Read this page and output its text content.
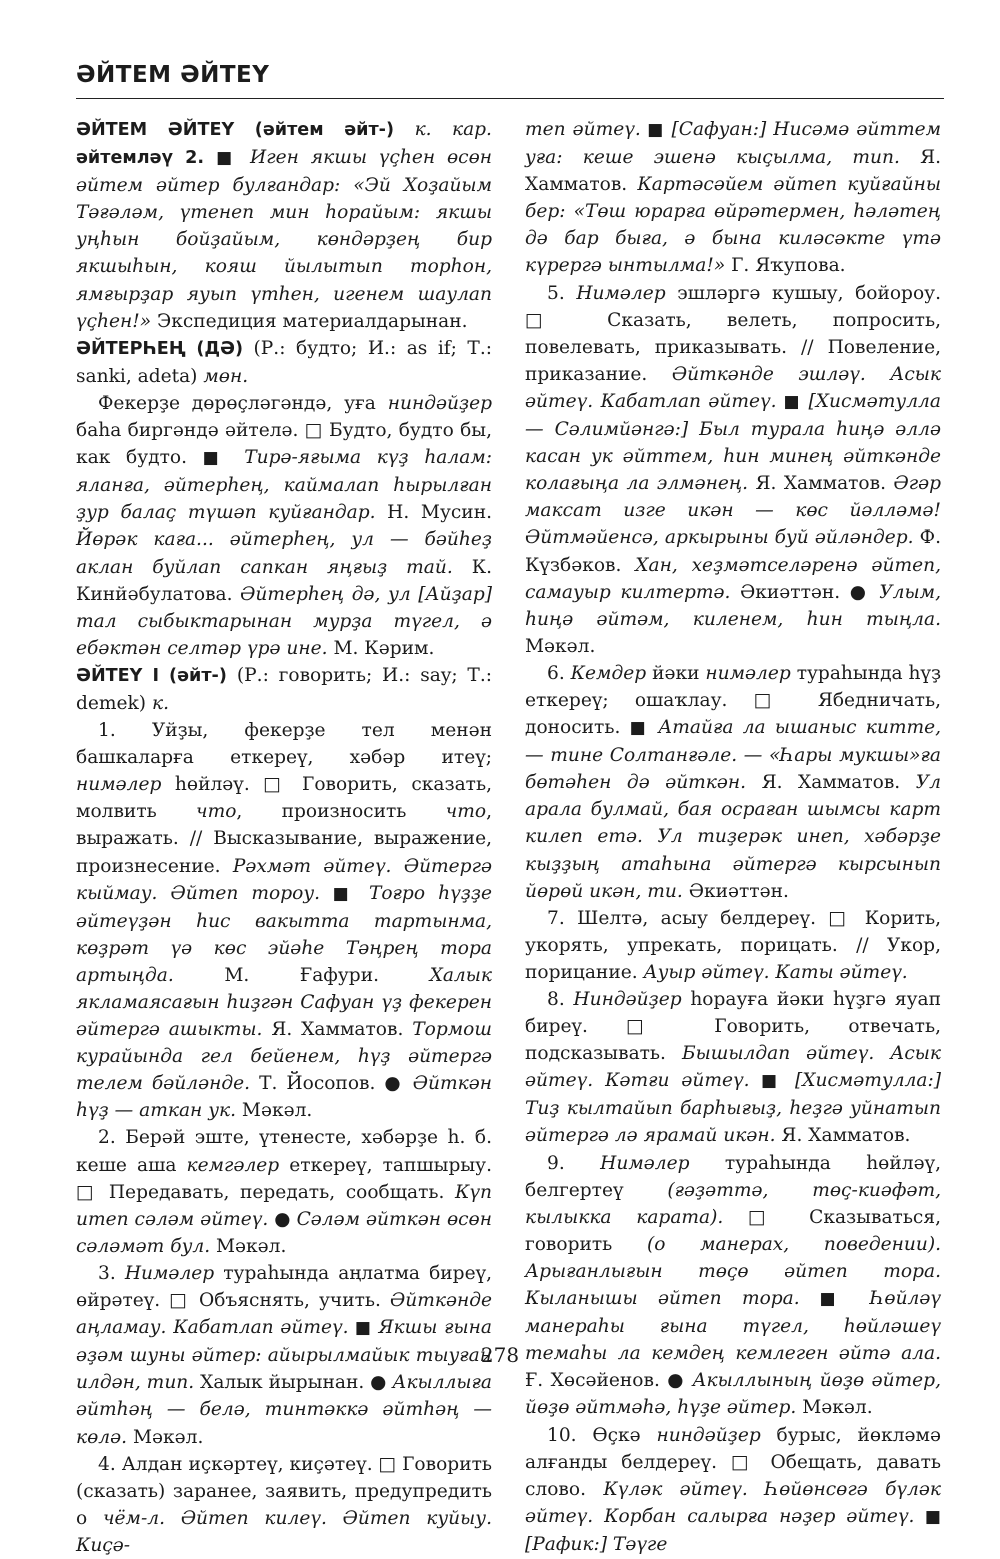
ӘЙТЕМ ӘЙТЕҮ

ӘЙТЕМ ӘЙТЕҮ (әйтем әйт-) к. кар. әйтемләү 2. ■ Иген якшы үҫһен өсөн әйтем әйтер булғандар: «Эй Хоҙайым Тәғәләм, үтенеп мин һорайым: якшы уңһын бойҙайым, көндәрҙең бир якшыһын, кояш йылытып торһон, ямғырҙар яуып үтһен, игенем шаулап үҫһен!» Экспедиция материалдарынан.

ӘЙТЕРҺЕҢ (ДӘ) (Р.: будто; И.: as if; Т.: sanki, adeta) мөн.

Фекерҙе дөрөҫләгәндә, уға ниндәйҙер баһа биргәндә әйтелә. □ Будто, будто бы, как будто. ■ Тирә-яғыма күҙ һалам: яланға, әйтерһең, каймалап һырылған ҙур балаҫ түшәп куйғандар. Н. Мусин. Йөрәк каға... әйтерһең, ул — бәйһеҙ аклан буйлап сапкан яңғыҙ тай. К. Кинйәбулатова. Әйтерһең дә, ул [Айҙар] тал сыбыктарынан мурҙа түгел, ә ебәктән селтәр үрә ине. М. Кәрим.

ӘЙТЕҮ I (әйт-) (Р.: говорить; И.: say; Т.: demek) к.

1. Уйҙы, фекерҙе тел менән башкаларға еткереү, хәбәр итеү; нимәлер һөйләү. □ Говорить, сказать, молвить что, произносить что, выражать. // Высказывание, выражение, произнесение. Рәхмәт әйтеү. Әйтергә кыймау. Әйтеп тороу. ■ Тоғро һүҙҙе әйтеүҙән һис вакытта тартынма, көҙрәт үә көс эйәһе Тәңрең тора артыңда. М. Ғафури. Халык якламаясағын һиҙгән Сафуан үҙ фекерен әйтергә ашыкты. Я. Хамматов. Тормош курайында гел бейенем, һүҙ әйтергә телем бәйләнде. Т. Йосопов. ● Әйткән һүҙ — аткан ук. Мәкәл.

2. Берәй эште, үтенесте, хәбәрҙе һ. б. кеше аша кемгәлер еткереү, тапшырыу. □ Передавать, передать, сообщать. Күп итеп сәләм әйтеү. ● Сәләм әйткән өсөн сәләмәт бул. Мәкәл.

3. Нимәлер тураһында аңлатма биреү, өйрәтеү. □ Объяснять, учить. Әйткәнде аңламау. Кабатлап әйтеү. ■ Якшы ғына әҙәм шуны әйтер: айырылмайык тыуған илдән, тип. Халык йырынан. ● Акыллыға әйтһәң — белә, тинтәккә әйтһәң — көлә. Мәкәл.

4. Алдан иҫкәртеү, киҫәтеү. □ Говорить (сказать) заранее, заявить, предупредить о чём-л. Әйтеп килеү. Әйтеп куйыу. Киҫә-

теп әйтеү. ■ [Сафуан:] Нисәмә әйттем уға: кеше эшенә кыҫылма, тип. Я. Хамматов. Картәсәйем әйтеп куйғайны бер: «Төш юрарға өйрәтермен, һәләтең дә бар быға, ә бына киләсәкте үтә күрергә ынтылма!» Г. Яҡупова.

5. Нимәлер эшләргә кушыу, бойороу. □ Сказать, велеть, попросить, повелевать, приказывать. // Повеление, приказание. Әйткәнде эшләү. Асык әйтеү. Кабатлап әйтеү. ■ [Хисмәтулла — Сәлимйәнгә:] Был турала һиңә әллә касан ук әйттем, һин минең әйткәнде колағыңа ла элмәнең. Я. Хамматов. Әгәр максат изге икән — көс йәлләмә! Әйтмәйенсә, аркырыны буй әйләндер. Ф. Күзбәков. Хан, хеҙмәтселәренә әйтеп, самауыр килтертә. Әкиәттән. ● Улым, һиңә әйтәм, киленем, һин тыңла. Мәкәл.

6. Кемдер йәки нимәлер тураһында һүҙ еткереү; ошаҡлау. □ Ябедничать, доносить. ■ Атайға ла ышаныс китте, — тине Солтанғәле. — «Һары мукшы»ға бөтәһен дә әйткән. Я. Хамматов. Ул арала булмай, бая осраған шымсы карт килеп етә. Ул тиҙерәк инеп, хәбәрҙе кыҙҙың атаһына әйтергә кырсынып йөрөй икән, ти. Әкиәттән.

7. Шелтә, асыу белдереү. □ Корить, укорять, упрекать, порицать. // Укор, порицание. Ауыр әйтеү. Каты әйтеү.

8. Ниндәйҙер һорауға йәки һүҙгә яуап биреү. □ Говорить, отвечать, подсказывать. Бышылдап әйтеү. Асык әйтеү. Кәтғи әйтеү. ■ [Хисмәтулла:] Тиҙ кылтайып барһығыҙ, һеҙгә уйнатып әйтергә лә ярамай икән. Я. Хамматов.

9. Нимәлер тураһында һөйләү, белгертеү (ғәҙәттә, төҫ-киәфәт, кылыкка карата). □ Сказываться, говорить (о манерах, поведении). Арығанлығын төҫө әйтеп тора. Кыланышы әйтеп тора. ■ Һөйләү манераһы ғына түгел, һөйләшеү темаһы ла кемдең кемлеген әйтә ала. Ғ. Хөсәйенов. ● Акыллының йөҙө әйтер, йөҙө әйтмәһә, һүҙе әйтер. Мәкәл.

10. Өҫкә ниндәйҙер бурыс, йөкләмә алғанды белдереү. □ Обещать, давать слово. Күләк әйтеү. Һөйөнсөгә бүләк әйтеү. Корбан салырға нәҙер әйтеү. ■ [Рафик:] Тәүге

278
